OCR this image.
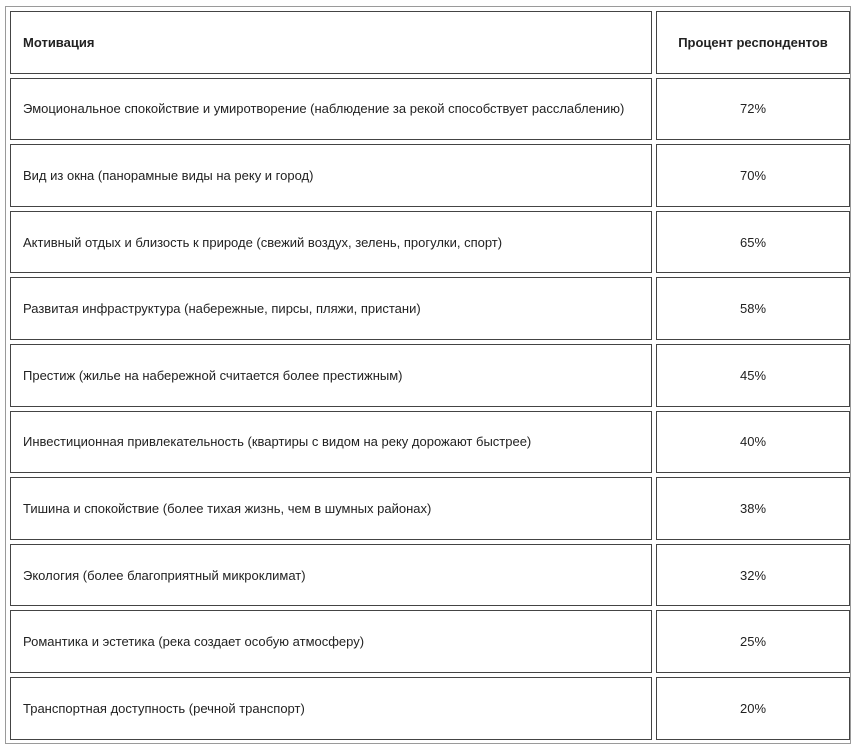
Мотивация	Процент респондентов
Эмоциональное спокойствие и умиротворение (наблюдение за рекой способствует расслаблению)	72%
Вид из окна (панорамные виды на реку и город)	70%
Активный отдых и близость к природе (свежий воздух, зелень, прогулки, спорт)	65%
Развитая инфраструктура (набережные, пирсы, пляжи, пристани)	58%
Престиж (жилье на набережной считается более престижным)	45%
Инвестиционная привлекательность (квартиры с видом на реку дорожают быстрее)	40%
Тишина и спокойствие (более тихая жизнь, чем в шумных районах)	38%
Экология (более благоприятный микроклимат)	32%
Романтика и эстетика (река создает особую атмосферу)	25%
Транспортная доступность (речной транспорт)	20%
